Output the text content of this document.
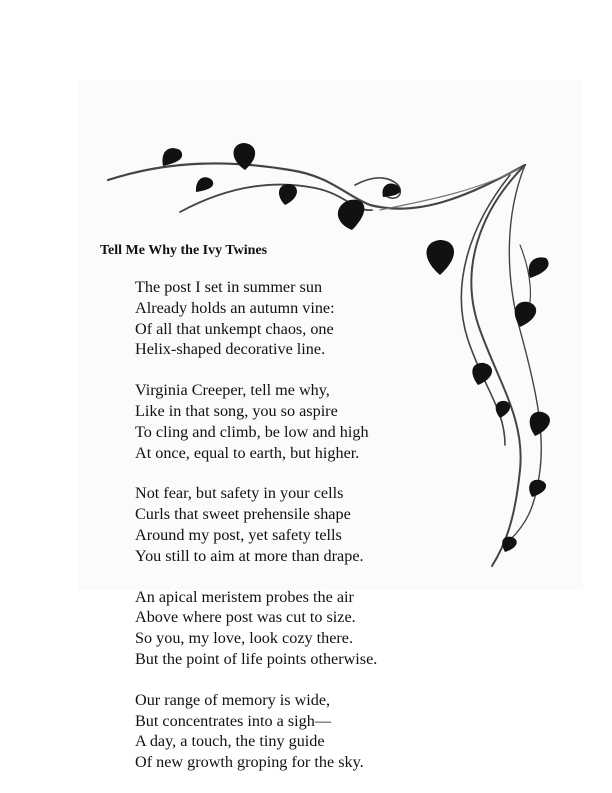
Tell Me Why the Ivy Twines
The post I set in summer sun
Already holds an autumn vine:
Of all that unkempt chaos, one
Helix-shaped decorative line.
Virginia Creeper, tell me why,
Like in that song, you so aspire
To cling and climb, be low and high
At once, equal to earth, but higher.
Not fear, but safety in your cells
Curls that sweet prehensile shape
Around my post, yet safety tells
You still to aim at more than drape.
An apical meristem probes the air
Above where post was cut to size.
So you, my love, look cozy there.
But the point of life points otherwise.
Our range of memory is wide,
But concentrates into a sigh—
A day, a touch, the tiny guide
Of new growth groping for the sky.
